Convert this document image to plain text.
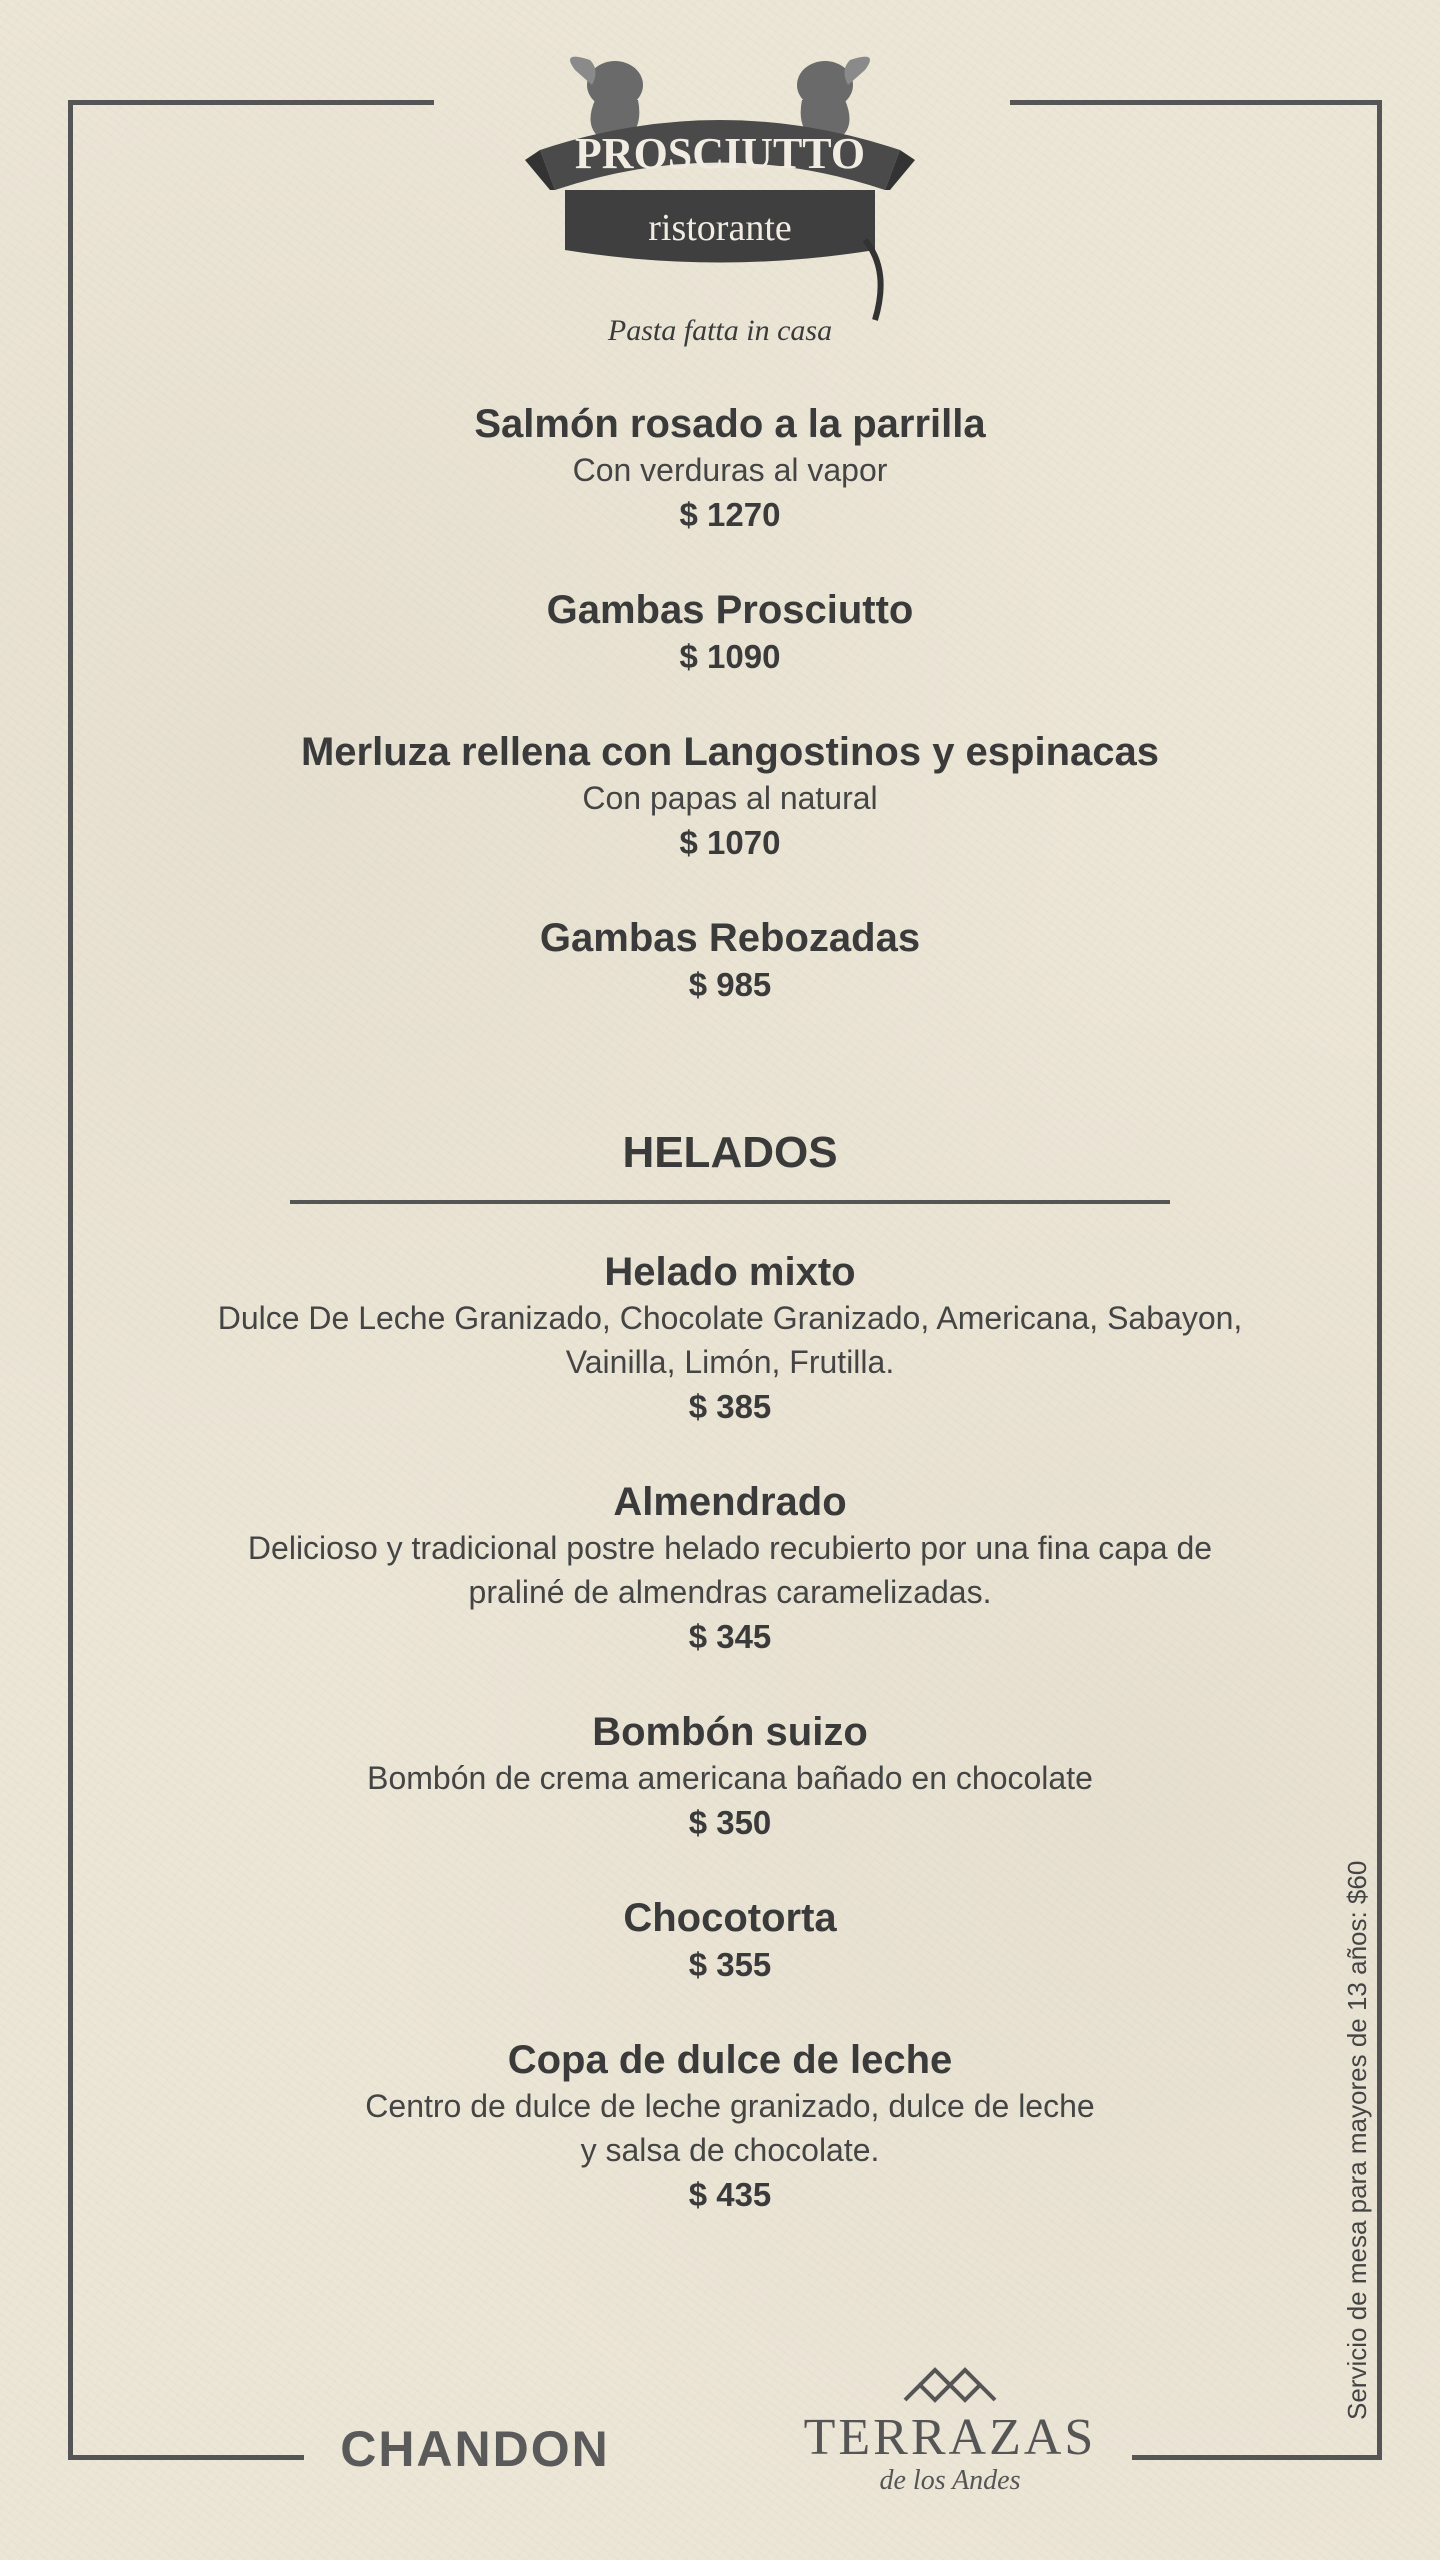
PROSCIUTTO
ristorante
Pasta fatta in casa
Salmón rosado a la parrilla
Con verduras al vapor
$ 1270
Gambas Prosciutto
$ 1090
Merluza rellena con Langostinos y espinacas
Con papas al natural
$ 1070
Gambas Rebozadas
$ 985
HELADOS
Helado mixto
Dulce De Leche Granizado, Chocolate Granizado, Americana, Sabayon,
Vainilla, Limón, Frutilla.
$ 385
Almendrado
Delicioso y tradicional postre helado recubierto por una fina capa de
praliné de almendras caramelizadas.
$ 345
Bombón suizo
Bombón de crema americana bañado en chocolate
$ 350
Chocotorta
$ 355
Copa de dulce de leche
Centro de dulce de leche granizado, dulce de leche
y salsa de chocolate.
$ 435	Servicio de mesa para mayores de 13 años: $60
CHANDON	TERRAZAS
de los Andes
